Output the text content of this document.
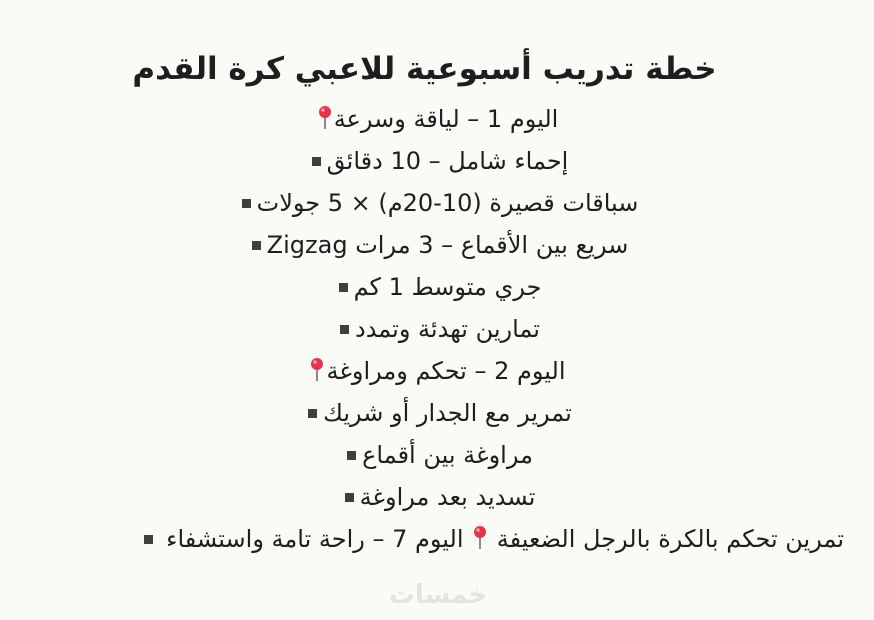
خطة تدريب أسبوعية للاعبي كرة القدم
اليوم 1 – لياقة وسرعة
إحماء شامل – 10 دقائق
سباقات قصيرة (10-20م) × 5 جولات
سريع بين الأقماع – 3 مرات Zigzag
جري متوسط 1 كم
تمارين تهدئة وتمدد
اليوم 2 – تحكم ومراوغة
تمرير مع الجدار أو شريك
مراوغة بين أقماع
تسديد بعد مراوغة
تمرين تحكم بالكرة بالرجل الضعيفة  اليوم 7 – راحة تامة واستشفاء
خمسات
